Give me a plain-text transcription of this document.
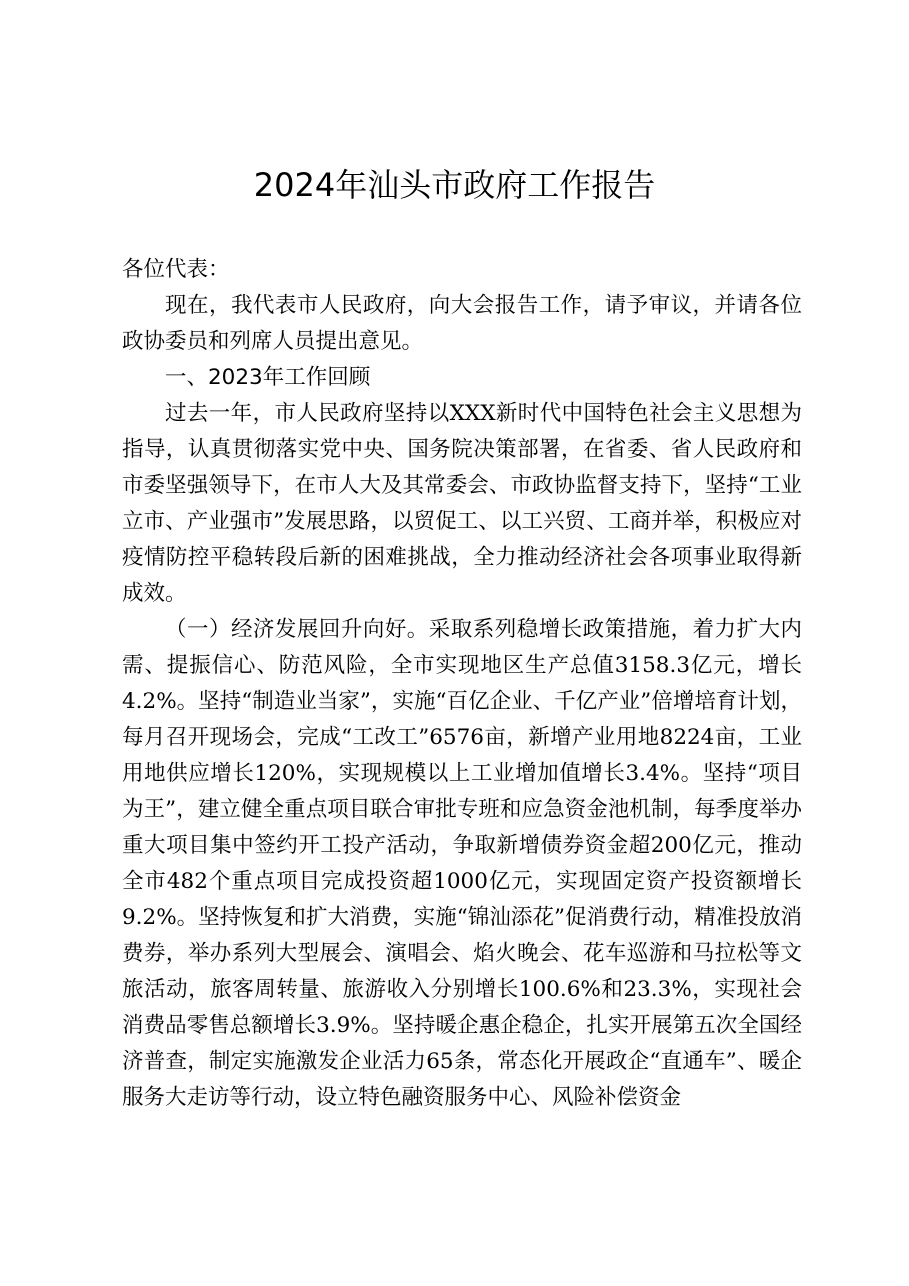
2024年汕头市政府工作报告

各位代表：

现在，我代表市人民政府，向大会报告工作，请予审议，并请各位政协委员和列席人员提出意见。

一、2023年工作回顾

过去一年，市人民政府坚持以XXX新时代中国特色社会主义思想为指导，认真贯彻落实党中央、国务院决策部署，在省委、省人民政府和市委坚强领导下，在市人大及其常委会、市政协监督支持下，坚持“工业立市、产业强市”发展思路，以贸促工、以工兴贸、工商并举，积极应对疫情防控平稳转段后新的困难挑战，全力推动经济社会各项事业取得新成效。

（一）经济发展回升向好。采取系列稳增长政策措施，着力扩大内需、提振信心、防范风险，全市实现地区生产总值3158.3亿元，增长4.2%。坚持“制造业当家”，实施“百亿企业、千亿产业”倍增培育计划，每月召开现场会，完成“工改工”6576亩，新增产业用地8224亩，工业用地供应增长120%，实现规模以上工业增加值增长3.4%。坚持“项目为王”，建立健全重点项目联合审批专班和应急资金池机制，每季度举办重大项目集中签约开工投产活动，争取新增债券资金超200亿元，推动全市482个重点项目完成投资超1000亿元，实现固定资产投资额增长9.2%。坚持恢复和扩大消费，实施“锦汕添花”促消费行动，精准投放消费券，举办系列大型展会、演唱会、焰火晚会、花车巡游和马拉松等文旅活动，旅客周转量、旅游收入分别增长100.6%和23.3%，实现社会消费品零售总额增长3.9%。坚持暖企惠企稳企，扎实开展第五次全国经济普查，制定实施激发企业活力65条，常态化开展政企“直通车”、暖企服务大走访等行动，设立特色融资服务中心、风险补偿资金
